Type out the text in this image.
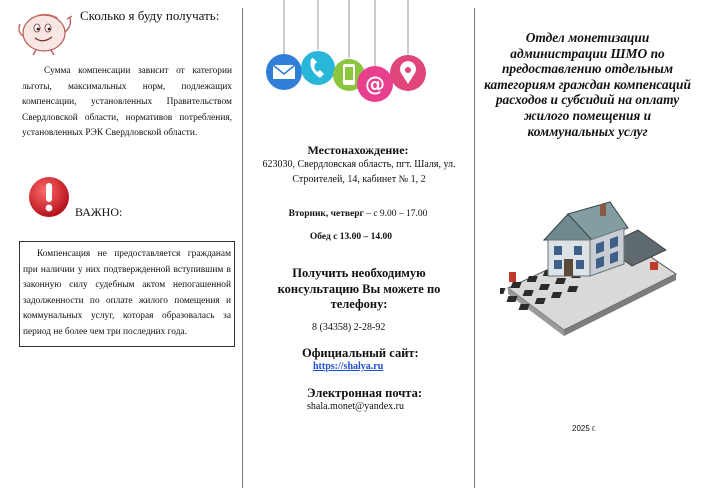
Сколько я буду получать:

Сумма компенсации зависит от категории льготы, максимальных норм, подлежащих компенсации, установленных Правительством Свердловской области, нормативов потребления, установленных РЭК Свердловской области.

ВАЖНО:

Компенсация не предоставляется гражданам при наличии у них подтвержденной вступившим в законную силу судебным актом непогашенной задолженности по оплате жилого помещения и коммунальных услуг, которая образовалась за период не более чем три последних года.

@
Местонахождение:
623030, Свердловская область, пгт. Шаля, ул. Строителей, 14, кабинет № 1, 2
Вторник, четверг – с 9.00 – 17.00
Обед с 13.00 – 14.00
Получить необходимую консультацию Вы можете по телефону:
8 (34358) 2-28-92
Официальный сайт:
https://shalya.ru
Электронная почта:
shala.monet@yandex.ru
Отдел монетизации администрации ШМО по предоставлению отдельным категориям граждан компенсаций расходов и субсидий на оплату жилого помещения и коммунальных услуг
2025 г.
